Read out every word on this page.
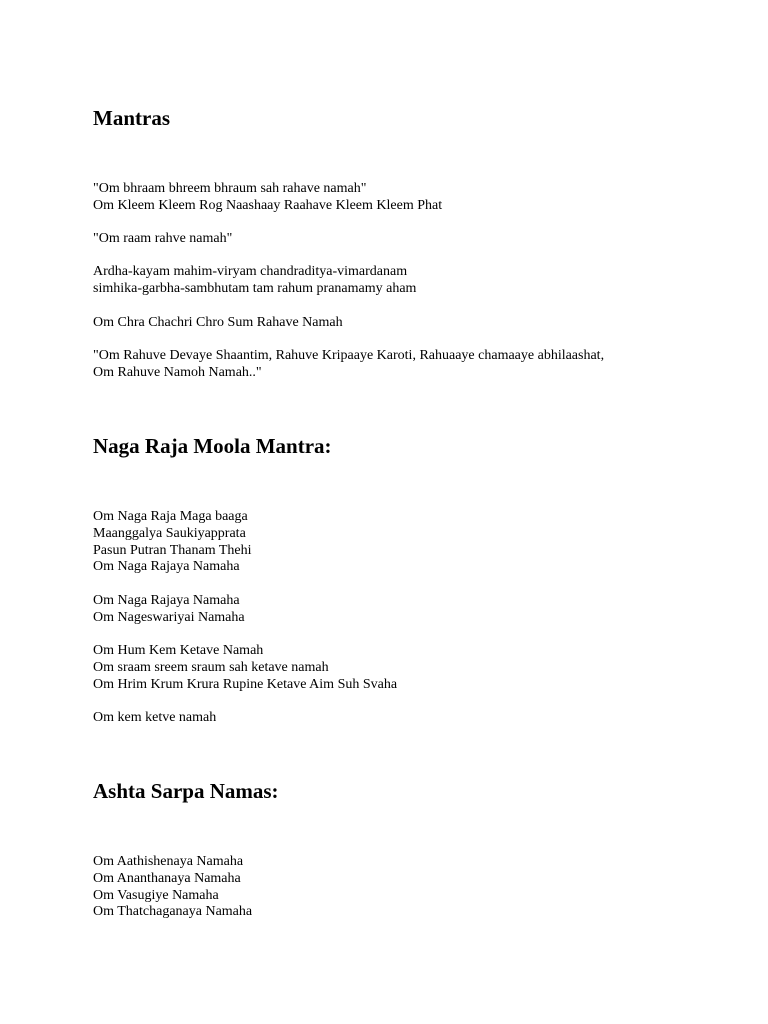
Mantras

"Om bhraam bhreem bhraum sah rahave namah"
Om Kleem Kleem Rog Naashaay Raahave Kleem Kleem Phat

"Om raam rahve namah"

Ardha-kayam mahim-viryam chandraditya-vimardanam
simhika-garbha-sambhutam tam rahum pranamamy aham

Om Chra Chachri Chro Sum Rahave Namah

"Om Rahuve Devaye Shaantim, Rahuve Kripaaye Karoti, Rahuaaye chamaaye abhilaashat,
Om Rahuve Namoh Namah.."

Naga Raja Moola Mantra:

Om Naga Raja Maga baaga
Maanggalya Saukiyapprata
Pasun Putran Thanam Thehi
Om Naga Rajaya Namaha

Om Naga Rajaya Namaha
Om Nageswariyai Namaha

Om Hum Kem Ketave Namah
Om sraam sreem sraum sah ketave namah
Om Hrim Krum Krura Rupine Ketave Aim Suh Svaha

Om kem ketve namah

Ashta Sarpa Namas:

Om Aathishenaya Namaha
Om Ananthanaya Namaha
Om Vasugiye Namaha
Om Thatchaganaya Namaha
